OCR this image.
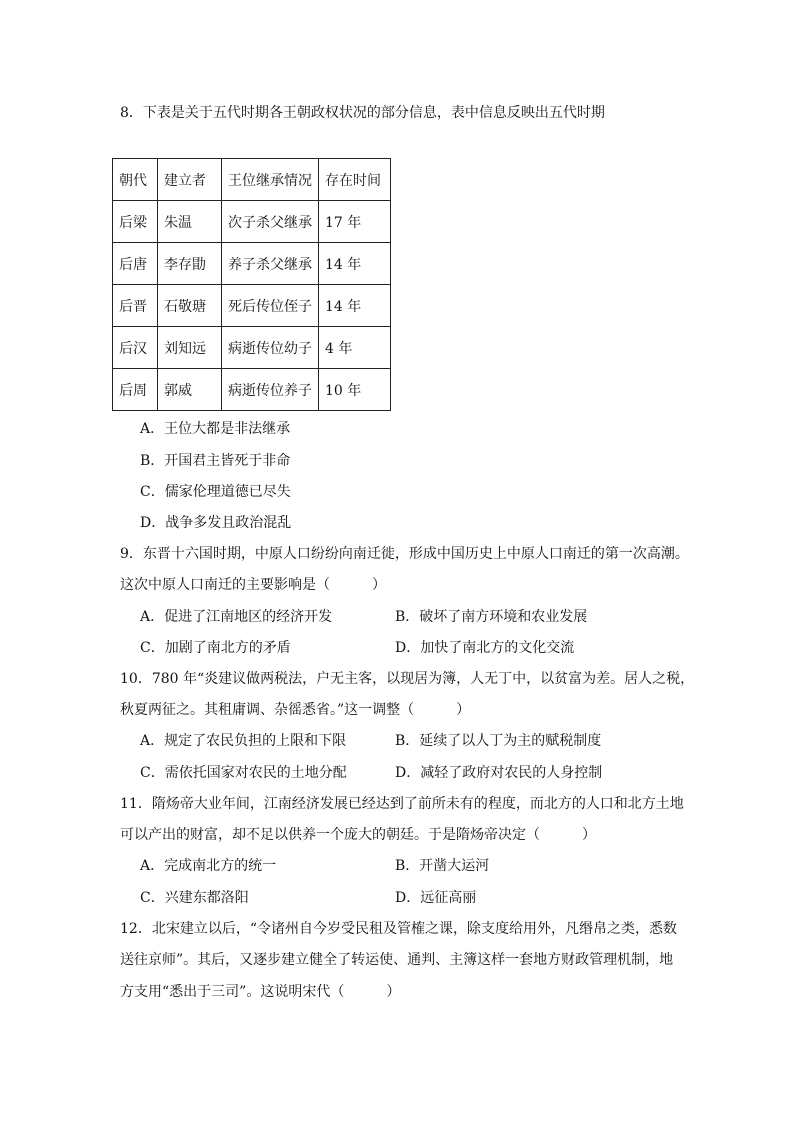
8．下表是关于五代时期各王朝政权状况的部分信息，表中信息反映出五代时期
朝代	建立者	王位继承情况	存在时间
后梁	朱温	次子杀父继承	17 年
后唐	李存勖	养子杀父继承	14 年
后晋	石敬瑭	死后传位侄子	14 年
后汉	刘知远	病逝传位幼子	4 年
后周	郭威	病逝传位养子	10 年
A．王位大都是非法继承
B．开国君主皆死于非命
C．儒家伦理道德已尽失
D．战争多发且政治混乱
9．东晋十六国时期，中原人口纷纷向南迁徙，形成中国历史上中原人口南迁的第一次高潮。
这次中原人口南迁的主要影响是（　　　）
A．促进了江南地区的经济开发	B．破坏了南方环境和农业发展
C．加剧了南北方的矛盾	D．加快了南北方的文化交流
10．780 年“炎建议做两税法，户无主客，以现居为簿，人无丁中，以贫富为差。居人之税，
秋夏两征之。其租庸调、杂徭悉省。”这一调整（　　　）
A．规定了农民负担的上限和下限	B．延续了以人丁为主的赋税制度
C．需依托国家对农民的土地分配	D．减轻了政府对农民的人身控制
11．隋炀帝大业年间，江南经济发展已经达到了前所未有的程度，而北方的人口和北方土地
可以产出的财富，却不足以供养一个庞大的朝廷。于是隋炀帝决定（　　　）
A．完成南北方的统一	B．开凿大运河
C．兴建东都洛阳	D．远征高丽
12．北宋建立以后，“令诸州自今岁受民租及管榷之课，除支度给用外，凡缗帛之类，悉数
送往京师”。其后，又逐步建立健全了转运使、通判、主簿这样一套地方财政管理机制，地
方支用“悉出于三司”。这说明宋代（　　　）
